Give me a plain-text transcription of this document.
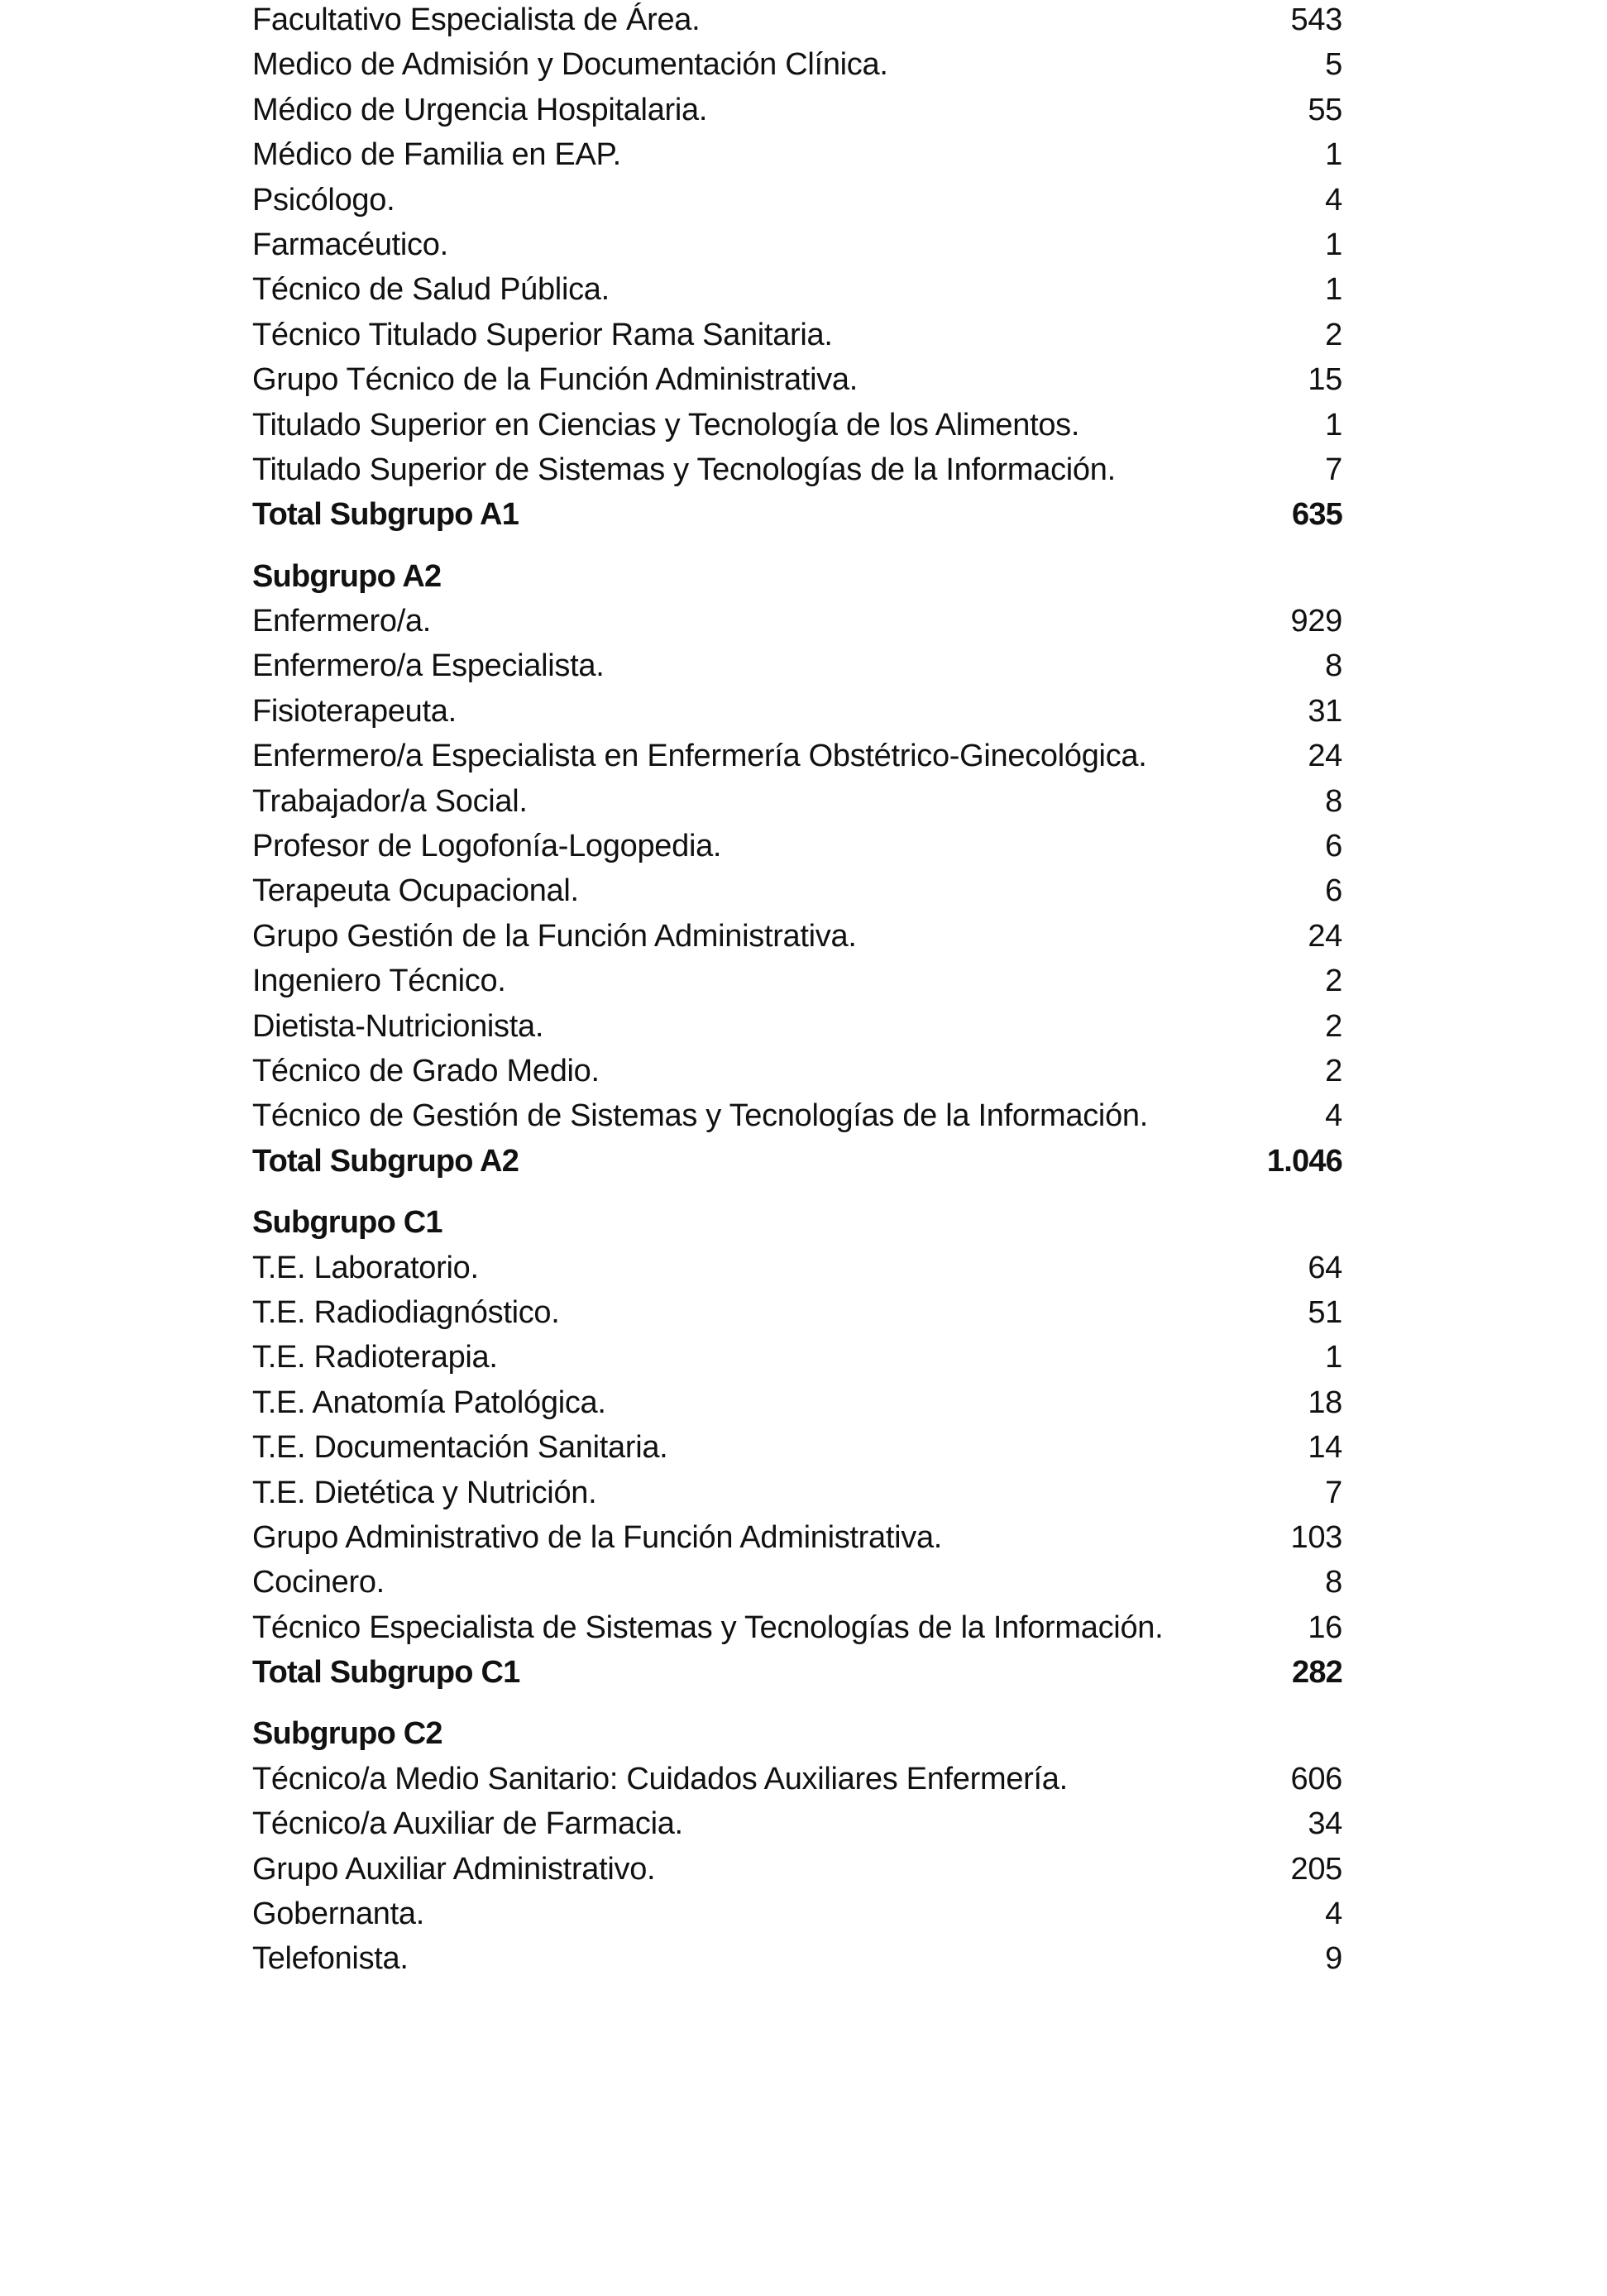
Facultativo Especialista de Área.	543
Medico de Admisión y Documentación Clínica.	5
Médico de Urgencia Hospitalaria.	55
Médico de Familia en EAP.	1
Psicólogo.	4
Farmacéutico.	1
Técnico de Salud Pública.	1
Técnico Titulado Superior Rama Sanitaria.	2
Grupo Técnico de la Función Administrativa.	15
Titulado Superior en Ciencias y Tecnología de los Alimentos.	1
Titulado Superior de Sistemas y Tecnologías de la Información.	7
Total Subgrupo A1	635
Subgrupo A2
Enfermero/a.	929
Enfermero/a Especialista.	8
Fisioterapeuta.	31
Enfermero/a Especialista en Enfermería Obstétrico-Ginecológica.	24
Trabajador/a Social.	8
Profesor de Logofonía-Logopedia.	6
Terapeuta Ocupacional.	6
Grupo Gestión de la Función Administrativa.	24
Ingeniero Técnico.	2
Dietista-Nutricionista.	2
Técnico de Grado Medio.	2
Técnico de Gestión de Sistemas y Tecnologías de la Información.	4
Total Subgrupo A2	1.046
Subgrupo C1
T.E. Laboratorio.	64
T.E. Radiodiagnóstico.	51
T.E. Radioterapia.	1
T.E. Anatomía Patológica.	18
T.E. Documentación Sanitaria.	14
T.E. Dietética y Nutrición.	7
Grupo Administrativo de la Función Administrativa.	103
Cocinero.	8
Técnico Especialista de Sistemas y Tecnologías de la Información.	16
Total Subgrupo C1	282
Subgrupo C2
Técnico/a Medio Sanitario: Cuidados Auxiliares Enfermería.	606
Técnico/a Auxiliar de Farmacia.	34
Grupo Auxiliar Administrativo.	205
Gobernanta.	4
Telefonista.	9
